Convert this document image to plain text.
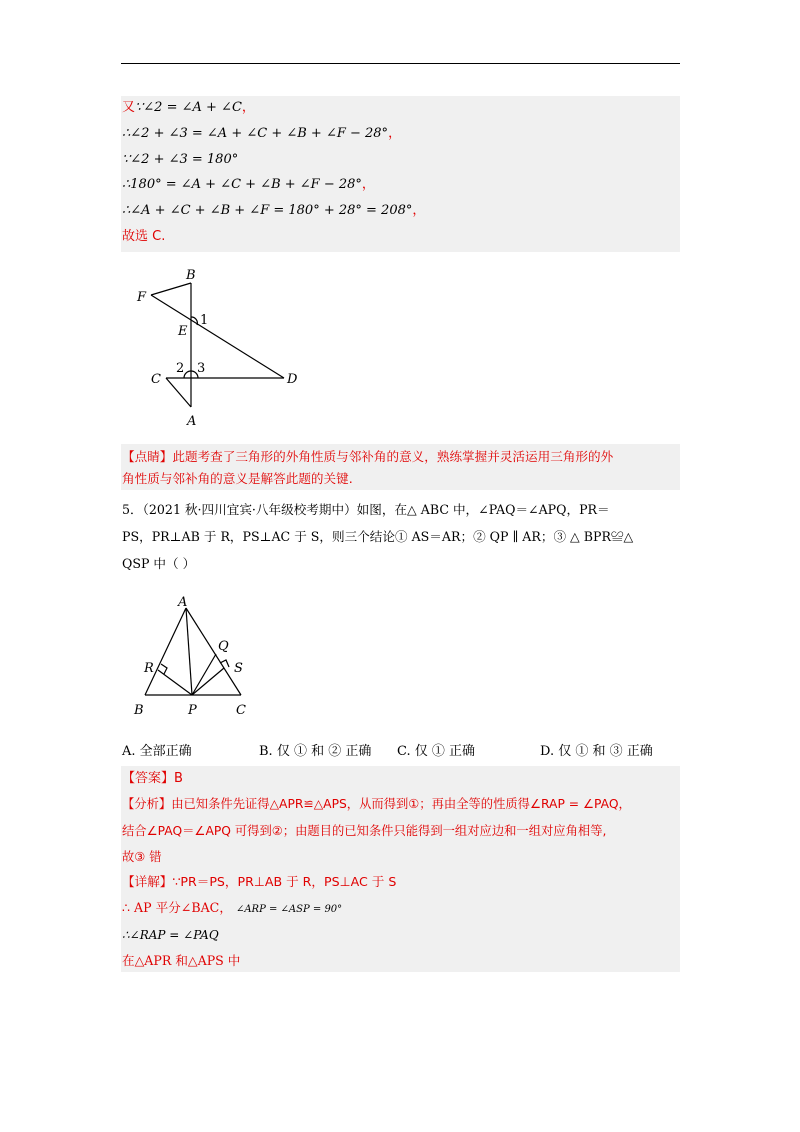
又∵∠2 = ∠A + ∠C，
∴∠2 + ∠3 = ∠A + ∠C + ∠B + ∠F − 28°，
∵∠2 + ∠3 = 180°
∴180° = ∠A + ∠C + ∠B + ∠F − 28°，
∴∠A + ∠C + ∠B + ∠F = 180° + 28° = 208°，
故选 C.
B
F
E
1
C
2 3
D
A
【点睛】此题考查了三角形的外角性质与邻补角的意义，熟练掌握并灵活运用三角形的外
角性质与邻补角的意义是解答此题的关键.
5．（2021 秋·四川宜宾·八年级校考期中）如图，在△ ABC 中，∠PAQ＝∠APQ，PR＝
PS，PR⊥AB 于 R，PS⊥AC 于 S，则三个结论① AS＝AR；② QP ∥ AR；③ △ BPR≌△
QSP 中（ ）
A
Q
R	S
B	P	C
A. 全部正确	B. 仅 ① 和 ② 正确 C. 仅 ① 正确	D. 仅 ① 和 ③ 正确
【答案】B
【分析】由已知条件先证得△APR≌△APS，从而得到①；再由全等的性质得∠RAP = ∠PAQ，
结合∠PAQ＝∠APQ 可得到②；由题目的已知条件只能得到一组对应边和一组对应角相等,
故③ 错
【详解】∵PR＝PS，PR⊥AB 于 R，PS⊥AC 于 S
∴ AP 平分∠BAC， ∠ARP = ∠ASP = 90°
∴∠RAP = ∠PAQ
在△APR 和△APS 中
